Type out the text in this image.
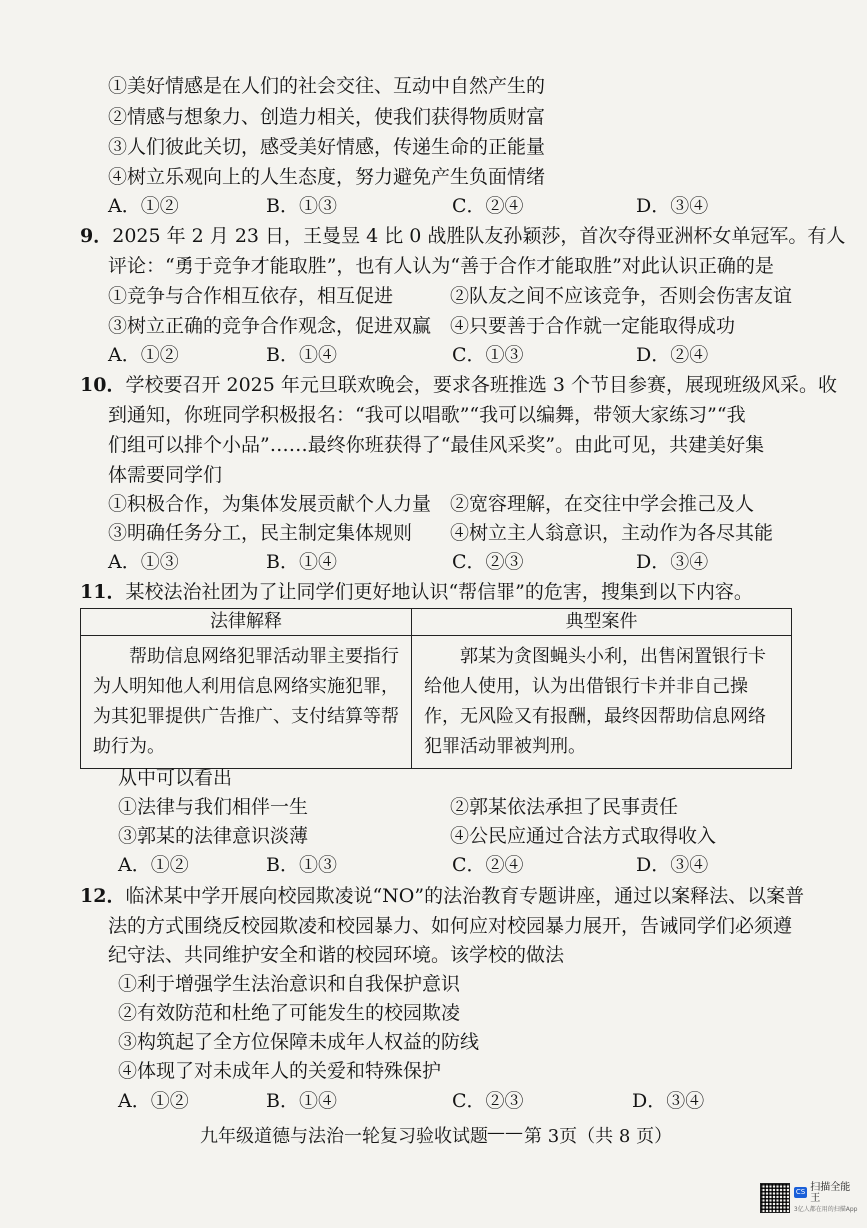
①美好情感是在人们的社会交往、互动中自然产生的
②情感与想象力、创造力相关，使我们获得物质财富
③人们彼此关切，感受美好情感，传递生命的正能量
④树立乐观向上的人生态度，努力避免产生负面情绪
A．①②	B．①③	C．②④	D．③④
9．2025 年 2 月 23 日，王曼昱 4 比 0 战胜队友孙颖莎，首次夺得亚洲杯女单冠军。有人
评论：“勇于竞争才能取胜”，也有人认为“善于合作才能取胜”对此认识正确的是
①竞争与合作相互依存，相互促进	②队友之间不应该竞争，否则会伤害友谊
③树立正确的竞争合作观念，促进双赢 ④只要善于合作就一定能取得成功
A．①②	B．①④	C．①③	D．②④
10．学校要召开 2025 年元旦联欢晚会，要求各班推选 3 个节目参赛，展现班级风采。收
到通知，你班同学积极报名：“我可以唱歌”“我可以编舞，带领大家练习”“我
们组可以排个小品”……最终你班获得了“最佳风采奖”。由此可见，共建美好集
体需要同学们
①积极合作，为集体发展贡献个人力量 ②宽容理解，在交往中学会推己及人
③明确任务分工，民主制定集体规则 ④树立主人翁意识，主动作为各尽其能
A．①③	B．①④	C．②③	D．③④
11．某校法治社团为了让同学们更好地认识“帮信罪”的危害，搜集到以下内容。
法律解释	典型案件
帮助信息网络犯罪活动罪主要指行为人明知他人利用信息网络实施犯罪，为其犯罪提供广告推广、支付结算等帮助行为。	郭某为贪图蝇头小利，出售闲置银行卡给他人使用，认为出借银行卡并非自己操作，无风险又有报酬，最终因帮助信息网络犯罪活动罪被判刑。
从中可以看出
①法律与我们相伴一生	②郭某依法承担了民事责任
③郭某的法律意识淡薄	④公民应通过合法方式取得收入
A．①②	B．①③	C．②④	D．③④
12．临沭某中学开展向校园欺凌说“NO”的法治教育专题讲座，通过以案释法、以案普
法的方式围绕反校园欺凌和校园暴力、如何应对校园暴力展开，告诫同学们必须遵
纪守法、共同维护安全和谐的校园环境。该学校的做法
①利于增强学生法治意识和自我保护意识
②有效防范和杜绝了可能发生的校园欺凌
③构筑起了全方位保障未成年人权益的防线
④体现了对未成年人的关爱和特殊保护
A．①②	B．①④	C．②③	D．③④
九年级道德与法治一轮复习验收试题 —— 第 3页（共 8 页）
CS 扫描全能王
3亿人都在用的扫描App
